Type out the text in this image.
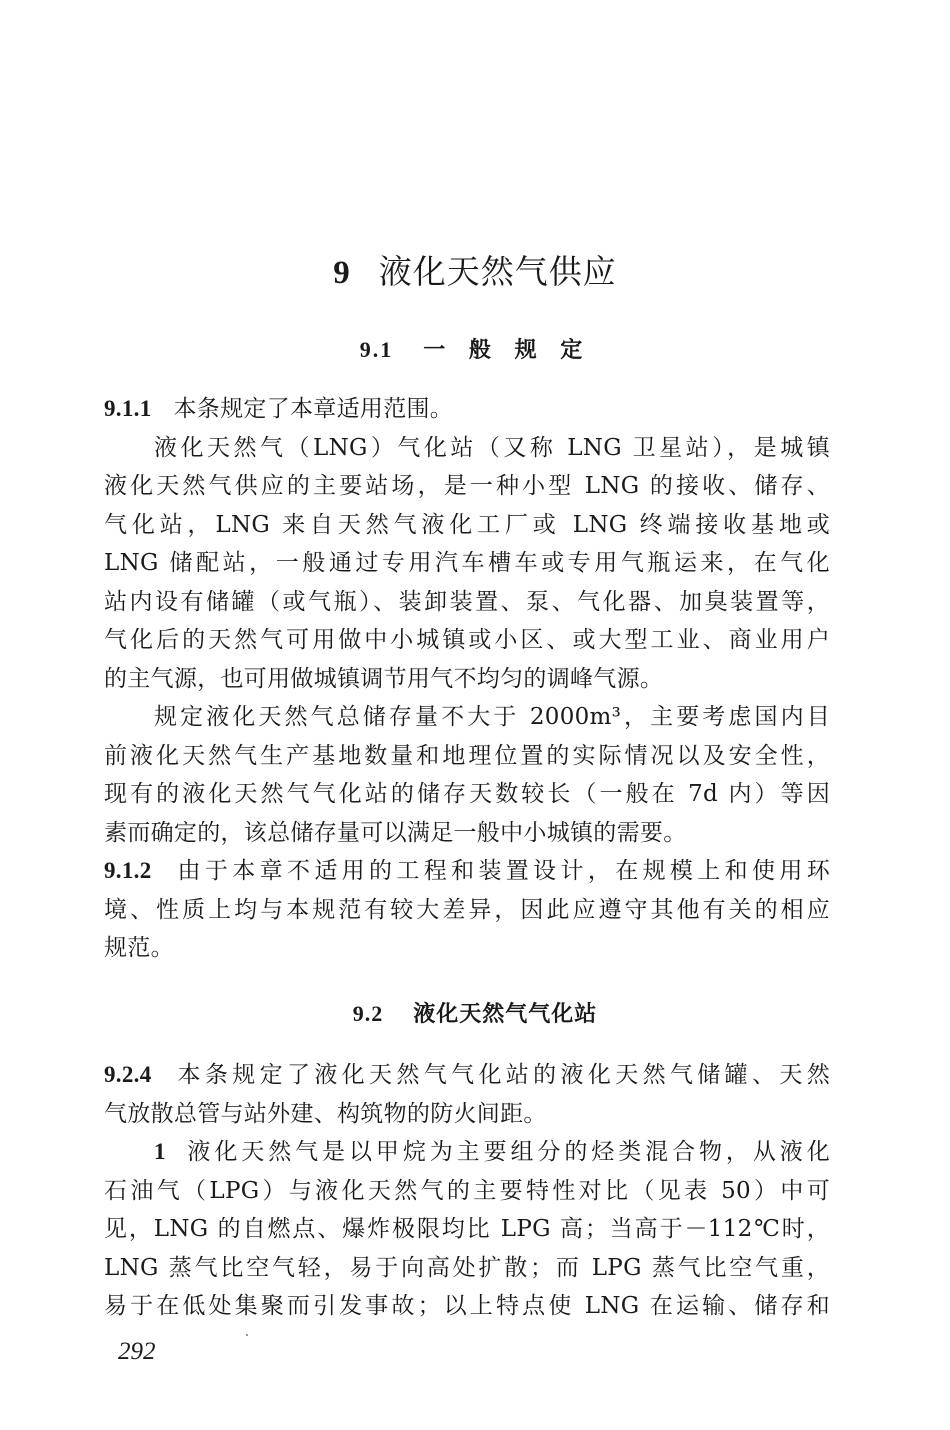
9 液化天然气供应
9.1 一 般 规 定
9.1.1 本条规定了本章适用范围。
液化天然气（LNG）气化站（又称 LNG 卫星站），是城镇
液化天然气供应的主要站场，是一种小型 LNG 的接收、储存、
气化站，LNG 来自天然气液化工厂或 LNG 终端接收基地或
LNG 储配站，一般通过专用汽车槽车或专用气瓶运来，在气化
站内设有储罐（或气瓶）、装卸装置、泵、气化器、加臭装置等，
气化后的天然气可用做中小城镇或小区、或大型工业、商业用户
的主气源，也可用做城镇调节用气不均匀的调峰气源。
规定液化天然气总储存量不大于 2000m³，主要考虑国内目
前液化天然气生产基地数量和地理位置的实际情况以及安全性，
现有的液化天然气气化站的储存天数较长（一般在 7d 内）等因
素而确定的，该总储存量可以满足一般中小城镇的需要。
9.1.2 由于本章不适用的工程和装置设计，在规模上和使用环
境、性质上均与本规范有较大差异，因此应遵守其他有关的相应
规范。
9.2 液化天然气气化站
9.2.4 本条规定了液化天然气气化站的液化天然气储罐、天然
气放散总管与站外建、构筑物的防火间距。
1 液化天然气是以甲烷为主要组分的烃类混合物，从液化
石油气（LPG）与液化天然气的主要特性对比（见表 50）中可
见，LNG 的自燃点、爆炸极限均比 LPG 高；当高于－112℃时，
LNG 蒸气比空气轻，易于向高处扩散；而 LPG 蒸气比空气重，
易于在低处集聚而引发事故；以上特点使 LNG 在运输、储存和
292
